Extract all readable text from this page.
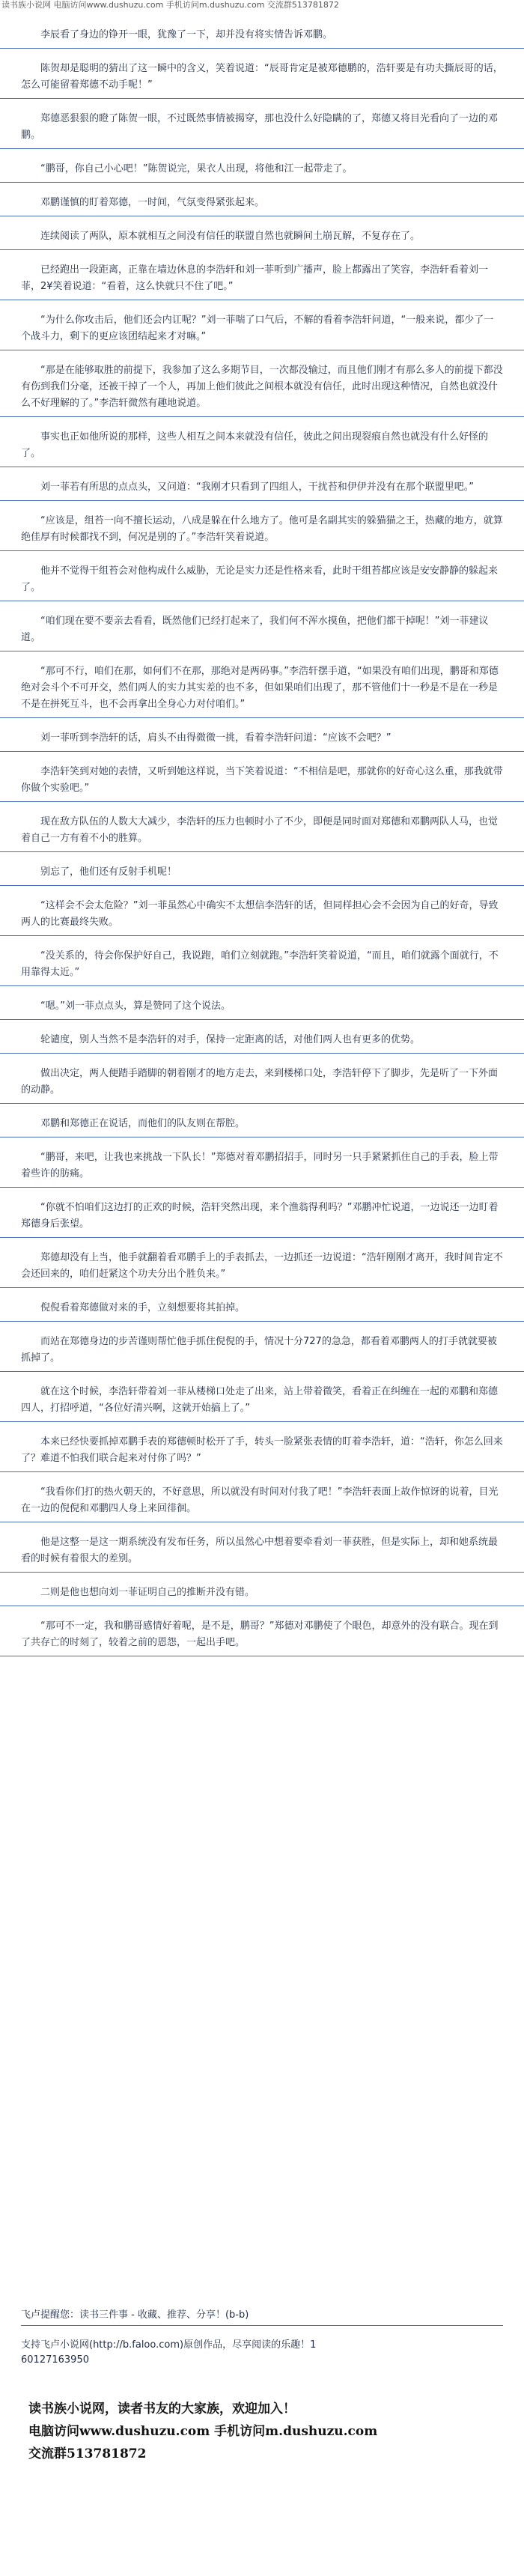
读书族小说网 电脑访问www.dushuzu.com 手机访问m.dushuzu.com 交流群513781872

李辰看了身边的铮开一眼，犹豫了一下，却并没有将实情告诉邓鹏。

陈贺却是聪明的猜出了这一瞬中的含义，笑着说道：“辰哥肯定是被郑德鹏的，浩轩要是有功夫撕辰哥的话，怎么可能留着郑德不动手呢！”

郑德恶狠狠的瞪了陈贺一眼，不过既然事情被揭穿，那也没什么好隐瞒的了，郑德又将目光看向了一边的邓鹏。

“鹏哥，你自己小心吧！”陈贺说完，果衣人出现，将他和江一起带走了。

邓鹏谨慎的盯着郑德，一时间，气氛变得紧张起来。

连续阅读了两队，原本就相互之间没有信任的联盟自然也就瞬间土崩瓦解，不复存在了。

已经跑出一段距离，正靠在墙边休息的李浩轩和刘一菲听到广播声，脸上都露出了笑容，李浩轩看着刘一菲，2¥笑着说道：“看着，这么快就只不住了吧。”

“为什么你攻击后，他们还会内讧呢？”刘一菲喘了口气后，不解的看着李浩轩问道，“一般来说，都少了一个战斗力，剩下的更应该团结起来才对嘛。”

“那是在能够取胜的前提下，我参加了这么多期节目，一次都没输过，而且他们刚才有那么多人的前提下都没有伤到我们分毫，还被干掉了一个人，再加上他们彼此之间根本就没有信任，此时出现这种情况，自然也就没什么不好理解的了。”李浩轩微然有趣地说道。

事实也正如他所说的那样，这些人相互之间本来就没有信任，彼此之间出现裂痕自然也就没有什么好怪的了。

刘一菲若有所思的点点头，又问道：“我刚才只看到了四组人，干扰苔和伊伊并没有在那个联盟里吧。”

“应该是，组苔一向不擅长运动，八成是躲在什么地方了。他可是名副其实的躲猫猫之王，热藏的地方，就算绝佳厚有时候都找不到，何况是别的了。”李浩轩笑着说道。

他并不觉得干组苔会对他构成什么威胁，无论是实力还是性格来看，此时干组苔都应该是安安静静的躲起来了。

“咱们现在要不要亲去看看，既然他们已经打起来了，我们何不浑水摸鱼，把他们都干掉呢！”刘一菲建议道。

“那可不行，咱们在那，如何们不在那，那绝对是两码事。”李浩轩摆手道，“如果没有咱们出现，鹏哥和郑德绝对会斗个不可开交，然们两人的实力其实差的也不多，但如果咱们出现了，那不管他们十一秒是不是在一秒是不是在拼死互斗，也不会再拿出全身心力对付咱们。”

刘一菲听到李浩轩的话，肩头不由得微微一挑，看着李浩轩问道：“应该不会吧？”

李浩轩笑到对她的表情，又听到她这样说，当下笑着说道：“不相信是吧，那就你的好奇心这么重，那我就带你做个实验吧。”

现在敌方队伍的人数大大减少，李浩轩的压力也顿时小了不少，即便是同时面对郑德和邓鹏两队人马，也觉着自己一方有着不小的胜算。

别忘了，他们还有反射手机呢！

“这样会不会太危险？”刘一菲虽然心中确实不太想信李浩轩的话，但同样担心会不会因为自己的好奇，导致两人的比赛最终失败。

“没关系的，待会你保护好自己，我说跑，咱们立刻就跑。”李浩轩笑着说道，“而且，咱们就露个面就行，不用靠得太近。”

“嗯。”刘一菲点点头，算是赞同了这个说法。

轮谴度，别人当然不是李浩轩的对手，保持一定距离的话，对他们两人也有更多的优势。

做出决定，两人便踏手踏脚的朝着刚才的地方走去，来到楼梯口处，李浩轩停下了脚步，先是听了一下外面的动静。

邓鹏和郑德正在说话，而他们的队友则在帮腔。

“鹏哥，来吧，让我也来挑战一下队长！”郑德对着邓鹏招招手，同时另一只手紧紧抓住自己的手表，脸上带着些许的肪痛。

“你就不怕咱们这边打的正欢的时候，浩轩突然出现，来个渔翁得利吗？”邓鹏冲忙说道，一边说还一边盯着郑德身后张望。

郑德却没有上当，他手就翻着看邓鹏手上的手表抓去，一边抓还一边说道：“浩轩刚刚才离开，我时间肯定不会还回来的，咱们赶紧这个功夫分出个胜负来。”

倪倪看着郑德做对来的手，立刻想要将其拍掉。

而站在郑德身边的步苦谨则帮忙他手抓住倪倪的手，情况十分727的急急，都看着邓鹏两人的打手就就要被抓掉了。

就在这个时候，李浩轩带着刘一菲从楼梯口处走了出来，站上带着微笑，看着正在纠缠在一起的邓鹏和郑德四人，打招呼道，“各位好清兴啊，这就开始搞上了。”

本来已经快要抓掉邓鹏手表的郑德顿时松开了手，转头一脸紧张表情的盯着李浩轩，道：“浩轩，你怎么回来了？难道不怕我们联合起来对付你了吗？”

“我看你们打的热火朝天的，不好意思，所以就没有时间对付我了吧！”李浩轩表面上故作惊讶的说着，目光在一边的倪倪和邓鹏四人身上来回徘徊。

他是这整一是这一期系统没有发布任务，所以虽然心中想着要牵看刘一菲获胜，但是实际上，却和她系统最看的时候有着很大的差别。

二则是他也想向刘一菲证明自己的推断并没有错。

“那可不一定，我和鹏哥感情好着呢，是不是，鹏哥？”郑德对邓鹏使了个眼色，却意外的没有联合。现在到了共存亡的时刻了，较着之前的恩怨，一起出手吧。

飞卢提醒您：读书三件事 - 收藏、推荐、分享！(b-b)
支持飞卢小说网(http://b.faloo.com)原创作品，尽享阅读的乐趣！1
60127163950
读书族小说网，读者书友的大家族，欢迎加入！
电脑访问www.dushuzu.com 手机访问m.dushuzu.com
交流群513781872
